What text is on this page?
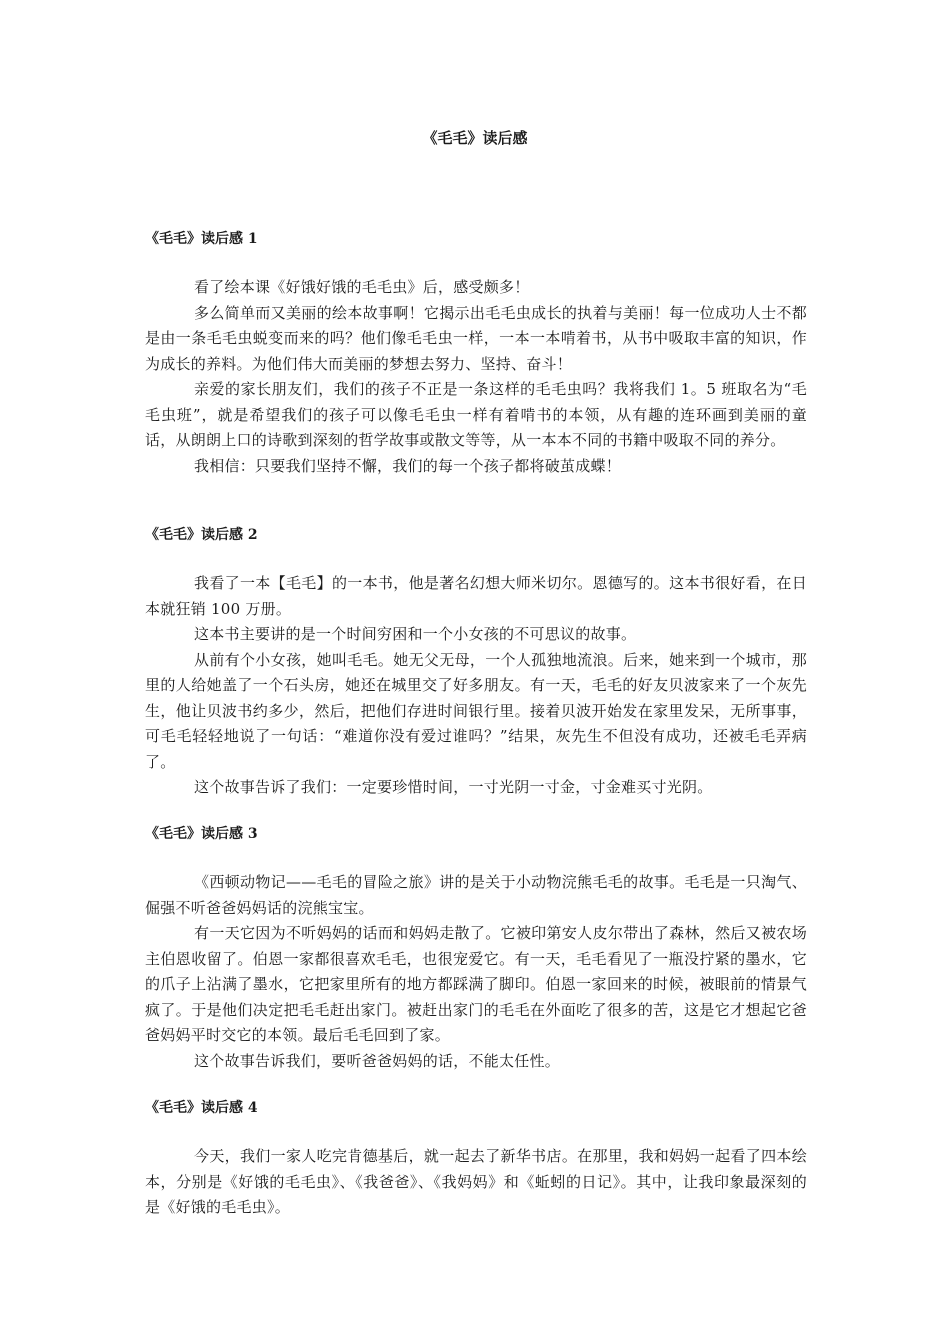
《毛毛》读后感
《毛毛》读后感 1

看了绘本课《好饿好饿的毛毛虫》后，感受颇多！

多么简单而又美丽的绘本故事啊！它揭示出毛毛虫成长的执着与美丽！每一位成功人士不都是由一条毛毛虫蜕变而来的吗？他们像毛毛虫一样，一本一本啃着书，从书中吸取丰富的知识，作为成长的养料。为他们伟大而美丽的梦想去努力、坚持、奋斗！

亲爱的家长朋友们，我们的孩子不正是一条这样的毛毛虫吗？我将我们 1。5 班取名为“毛毛虫班”，就是希望我们的孩子可以像毛毛虫一样有着啃书的本领，从有趣的连环画到美丽的童话，从朗朗上口的诗歌到深刻的哲学故事或散文等等，从一本本不同的书籍中吸取不同的养分。

我相信：只要我们坚持不懈，我们的每一个孩子都将破茧成蝶！

《毛毛》读后感 2

我看了一本【毛毛】的一本书，他是著名幻想大师米切尔。恩德写的。这本书很好看，在日本就狂销 100 万册。

这本书主要讲的是一个时间穷困和一个小女孩的不可思议的故事。

从前有个小女孩，她叫毛毛。她无父无母，一个人孤独地流浪。后来，她来到一个城市，那里的人给她盖了一个石头房，她还在城里交了好多朋友。有一天，毛毛的好友贝波家来了一个灰先生，他让贝波书约多少，然后，把他们存进时间银行里。接着贝波开始发在家里发呆，无所事事，可毛毛轻轻地说了一句话：“难道你没有爱过谁吗？”结果，灰先生不但没有成功，还被毛毛弄病了。

这个故事告诉了我们：一定要珍惜时间，一寸光阴一寸金，寸金难买寸光阴。

《毛毛》读后感 3

《西顿动物记——毛毛的冒险之旅》讲的是关于小动物浣熊毛毛的故事。毛毛是一只淘气、倔强不听爸爸妈妈话的浣熊宝宝。

有一天它因为不听妈妈的话而和妈妈走散了。它被印第安人皮尔带出了森林，然后又被农场主伯恩收留了。伯恩一家都很喜欢毛毛，也很宠爱它。有一天，毛毛看见了一瓶没拧紧的墨水，它的爪子上沾满了墨水，它把家里所有的地方都踩满了脚印。伯恩一家回来的时候，被眼前的情景气疯了。于是他们决定把毛毛赶出家门。被赶出家门的毛毛在外面吃了很多的苦，这是它才想起它爸爸妈妈平时交它的本领。最后毛毛回到了家。

这个故事告诉我们，要听爸爸妈妈的话，不能太任性。

《毛毛》读后感 4

今天，我们一家人吃完肯德基后，就一起去了新华书店。在那里，我和妈妈一起看了四本绘本，分别是《好饿的毛毛虫》、《我爸爸》、《我妈妈》和《蚯蚓的日记》。其中，让我印象最深刻的是《好饿的毛毛虫》。
